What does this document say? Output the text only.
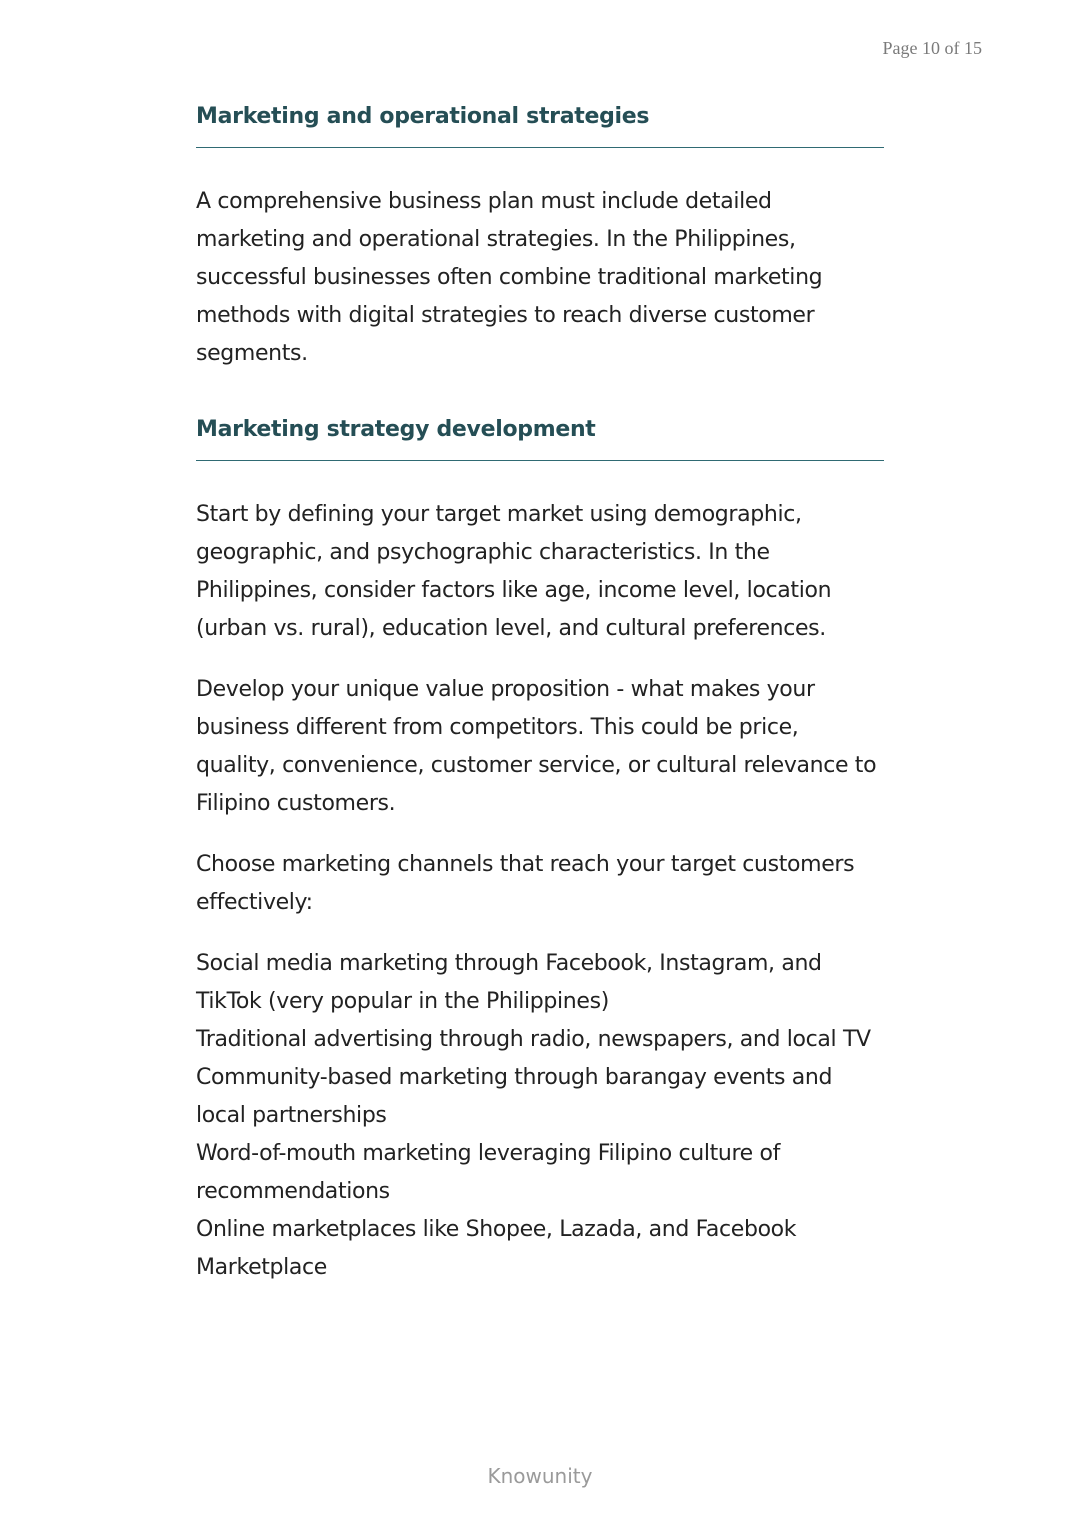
Page 10 of 15
Marketing and operational strategies

A comprehensive business plan must include detailed marketing and operational strategies. In the Philippines, successful businesses often combine traditional marketing methods with digital strategies to reach diverse customer segments.

Marketing strategy development

Start by defining your target market using demographic, geographic, and psychographic characteristics. In the Philippines, consider factors like age, income level, location (urban vs. rural), education level, and cultural preferences.

Develop your unique value proposition - what makes your business different from competitors. This could be price, quality, convenience, customer service, or cultural relevance to Filipino customers.

Choose marketing channels that reach your target customers effectively:

Social media marketing through Facebook, Instagram, and TikTok (very popular in the Philippines)
Traditional advertising through radio, newspapers, and local TV
Community-based marketing through barangay events and local partnerships
Word-of-mouth marketing leveraging Filipino culture of recommendations
Online marketplaces like Shopee, Lazada, and Facebook Marketplace
Knowunity
